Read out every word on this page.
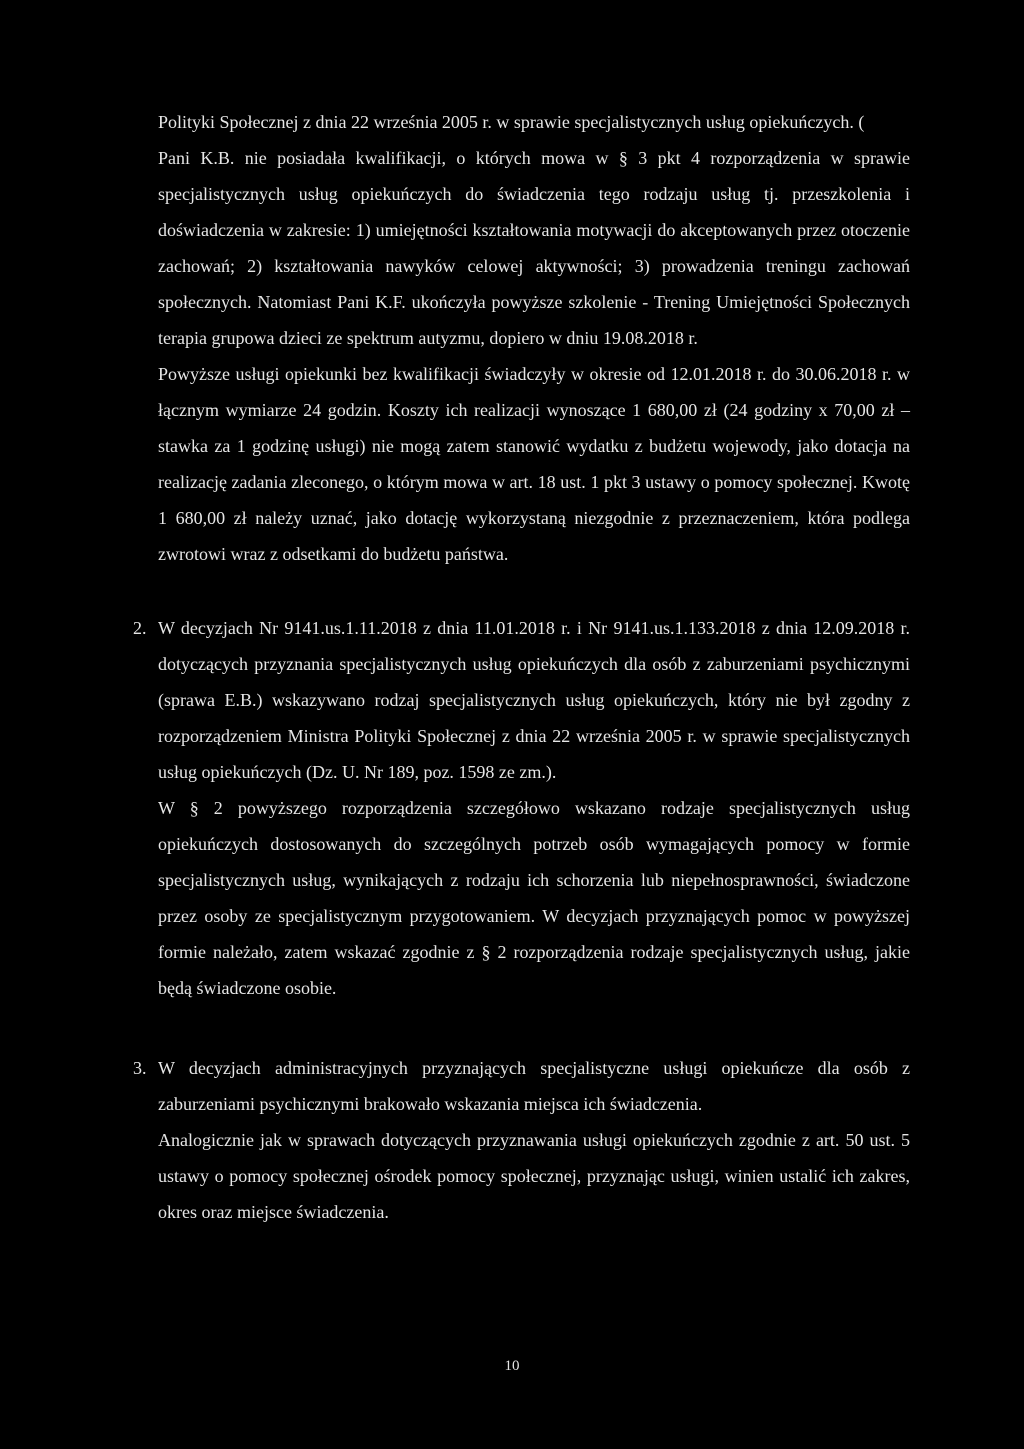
Polityki Społecznej z dnia 22 września 2005 r. w sprawie specjalistycznych usług opiekuńczych. (

Pani K.B. nie posiadała kwalifikacji, o których mowa w § 3 pkt 4 rozporządzenia w sprawie specjalistycznych usług opiekuńczych do świadczenia tego rodzaju usług tj. przeszkolenia i doświadczenia w zakresie: 1) umiejętności kształtowania motywacji do akceptowanych przez otoczenie zachowań; 2) kształtowania nawyków celowej aktywności; 3) prowadzenia treningu zachowań społecznych. Natomiast Pani K.F. ukończyła powyższe szkolenie - Trening Umiejętności Społecznych terapia grupowa dzieci ze spektrum autyzmu, dopiero w dniu 19.08.2018 r.

Powyższe usługi opiekunki bez kwalifikacji świadczyły w okresie od 12.01.2018 r. do 30.06.2018 r. w łącznym wymiarze 24 godzin. Koszty ich realizacji wynoszące 1 680,00 zł (24 godziny x 70,00 zł – stawka za 1 godzinę usługi) nie mogą zatem stanowić wydatku z budżetu wojewody, jako dotacja na realizację zadania zleconego, o którym mowa w art. 18 ust. 1 pkt 3 ustawy o pomocy społecznej. Kwotę 1 680,00 zł należy uznać, jako dotację wykorzystaną niezgodnie z przeznaczeniem, która podlega zwrotowi wraz z odsetkami do budżetu państwa.

2. W decyzjach Nr 9141.us.1.11.2018 z dnia 11.01.2018 r. i Nr 9141.us.1.133.2018 z dnia 12.09.2018 r. dotyczących przyznania specjalistycznych usług opiekuńczych dla osób z zaburzeniami psychicznymi (sprawa E.B.) wskazywano rodzaj specjalistycznych usług opiekuńczych, który nie był zgodny z rozporządzeniem Ministra Polityki Społecznej z dnia 22 września 2005 r. w sprawie specjalistycznych usług opiekuńczych (Dz. U. Nr 189, poz. 1598 ze zm.).

W § 2 powyższego rozporządzenia szczegółowo wskazano rodzaje specjalistycznych usług opiekuńczych dostosowanych do szczególnych potrzeb osób wymagających pomocy w formie specjalistycznych usług, wynikających z rodzaju ich schorzenia lub niepełnosprawności, świadczone przez osoby ze specjalistycznym przygotowaniem. W decyzjach przyznających pomoc w powyższej formie należało, zatem wskazać zgodnie z § 2 rozporządzenia rodzaje specjalistycznych usług, jakie będą świadczone osobie.

3. W decyzjach administracyjnych przyznających specjalistyczne usługi opiekuńcze dla osób z zaburzeniami psychicznymi brakowało wskazania miejsca ich świadczenia.

Analogicznie jak w sprawach dotyczących przyznawania usługi opiekuńczych zgodnie z art. 50 ust. 5 ustawy o pomocy społecznej ośrodek pomocy społecznej, przyznając usługi, winien ustalić ich zakres, okres oraz miejsce świadczenia.

10
